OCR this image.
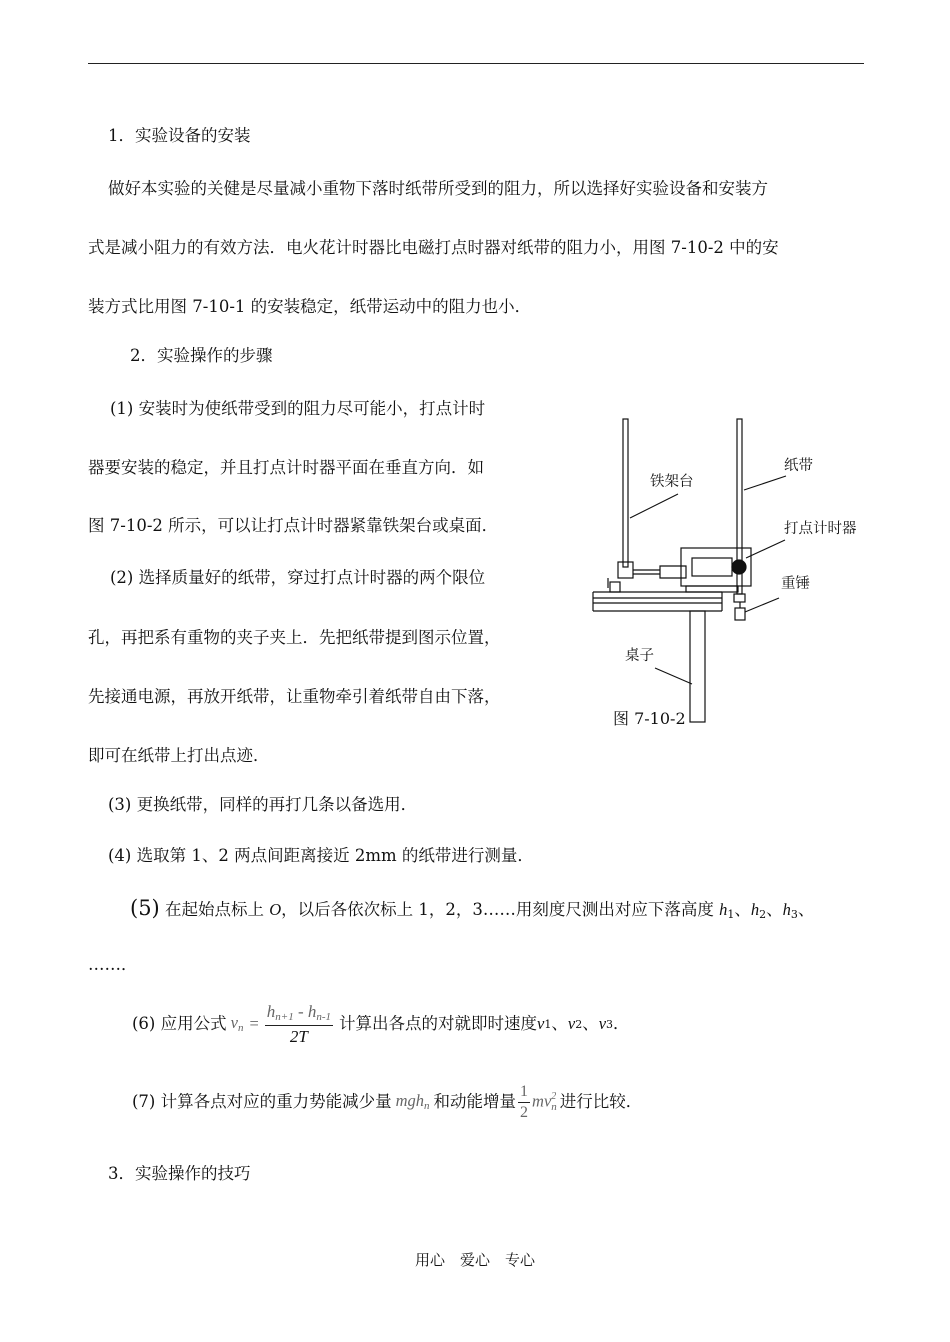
1．实验设备的安装
做好本实验的关健是尽量减小重物下落时纸带所受到的阻力，所以选择好实验设备和安装方
式是减小阻力的有效方法．电火花计时器比电磁打点时器对纸带的阻力小，用图 7-10-2 中的安
装方式比用图 7-10-1 的安装稳定，纸带运动中的阻力也小．
2．实验操作的步骤
(1) 安装时为使纸带受到的阻力尽可能小，打点计时
器要安装的稳定，并且打点计时器平面在垂直方向．如
图 7-10-2 所示，可以让打点计时器紧靠铁架台或桌面．
(2) 选择质量好的纸带，穿过打点计时器的两个限位
孔，再把系有重物的夹子夹上．先把纸带提到图示位置，
先接通电源，再放开纸带，让重物牵引着纸带自由下落，
即可在纸带上打出点迹．
(3) 更换纸带，同样的再打几条以备选用．
(4) 选取第 1、2 两点间距离接近 2mm 的纸带进行测量．
(5) 在起始点标上 O，以后各依次标上 1，2，3……用刻度尺测出对应下落高度 $h_1$、$h_2$、$h_3$、
……．
(6) 应用公式 $v_n = \frac{h_{n+1} - h_{n-1}}{2T}$ 计算出各点的对就即时速度 v 1 、 v 2 、 v 3 ．
(7) 计算各点对应的重力势能减少量 mgh$_n$ 和动能增量 $\frac{1}{2}$ mv 2
n 进行比较．
3．实验操作的技巧
铁架台
纸带
打点计时器
重锤
桌子
图 7-10-2
用心　爱心　专心
